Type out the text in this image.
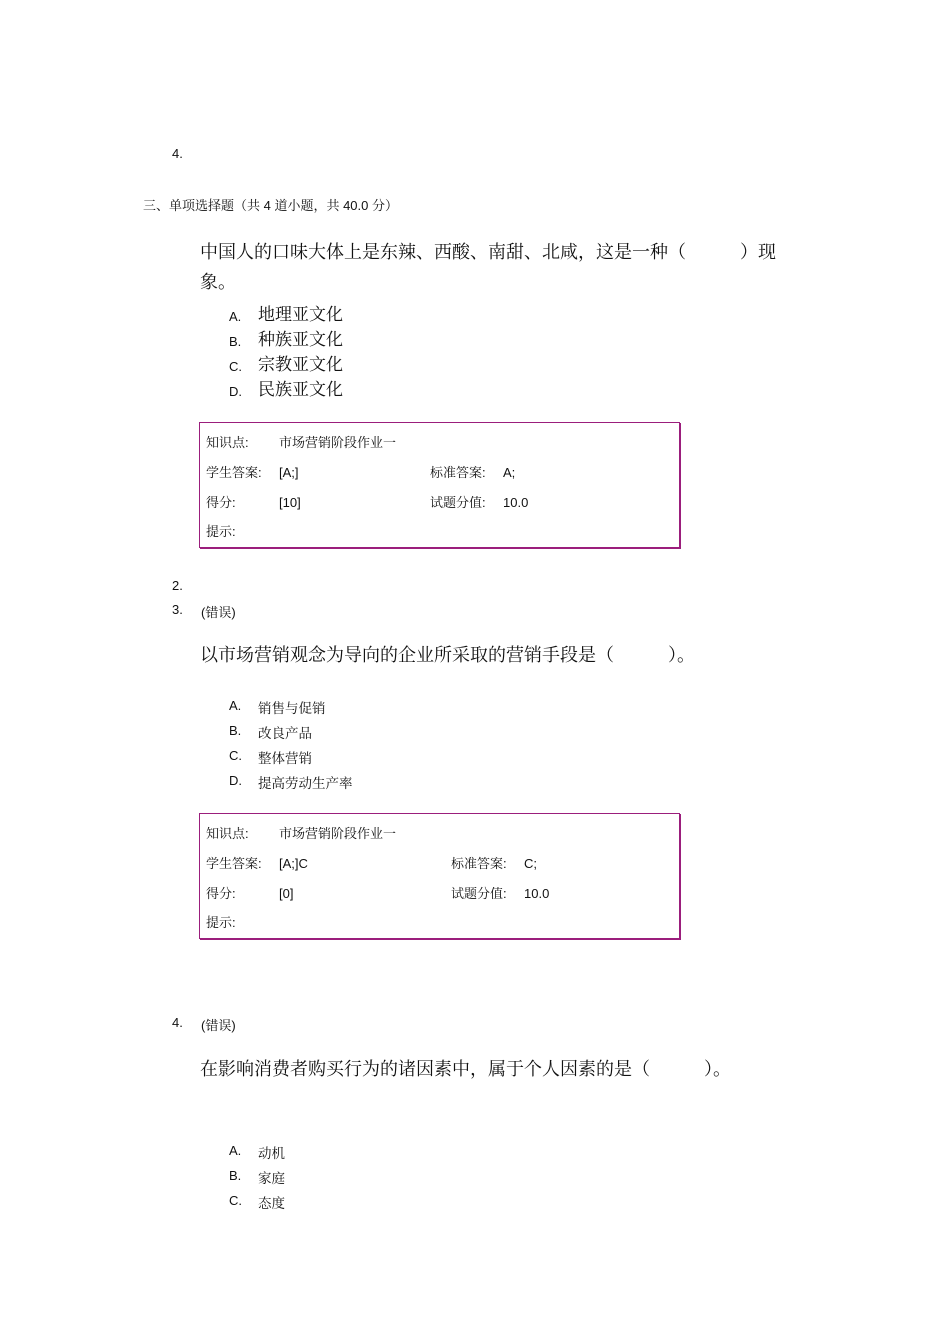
4.
三、单项选择题（共 4 道小题，共 40.0 分）
中国人的口味大体上是东辣、西酸、南甜、北咸，这是一种（　　　）现
象。
A. 地理亚文化
B. 种族亚文化
C. 宗教亚文化
D. 民族亚文化
知识点: 市场营销阶段作业一
学生答案: [A;]	标准答案: A;
得分:	[10]	试题分值: 10.0
提示:
2.
3. (错误)
以市场营销观念为导向的企业所采取的营销手段是（　　　）。
A. 销售与促销
B. 改良产品
C. 整体营销
D. 提高劳动生产率
知识点: 市场营销阶段作业一
学生答案: [A;]C	标准答案: C;
得分:	[0]	试题分值: 10.0
提示:
4. (错误)
在影响消费者购买行为的诸因素中，属于个人因素的是（　　　）。
A. 动机
B. 家庭
C. 态度
